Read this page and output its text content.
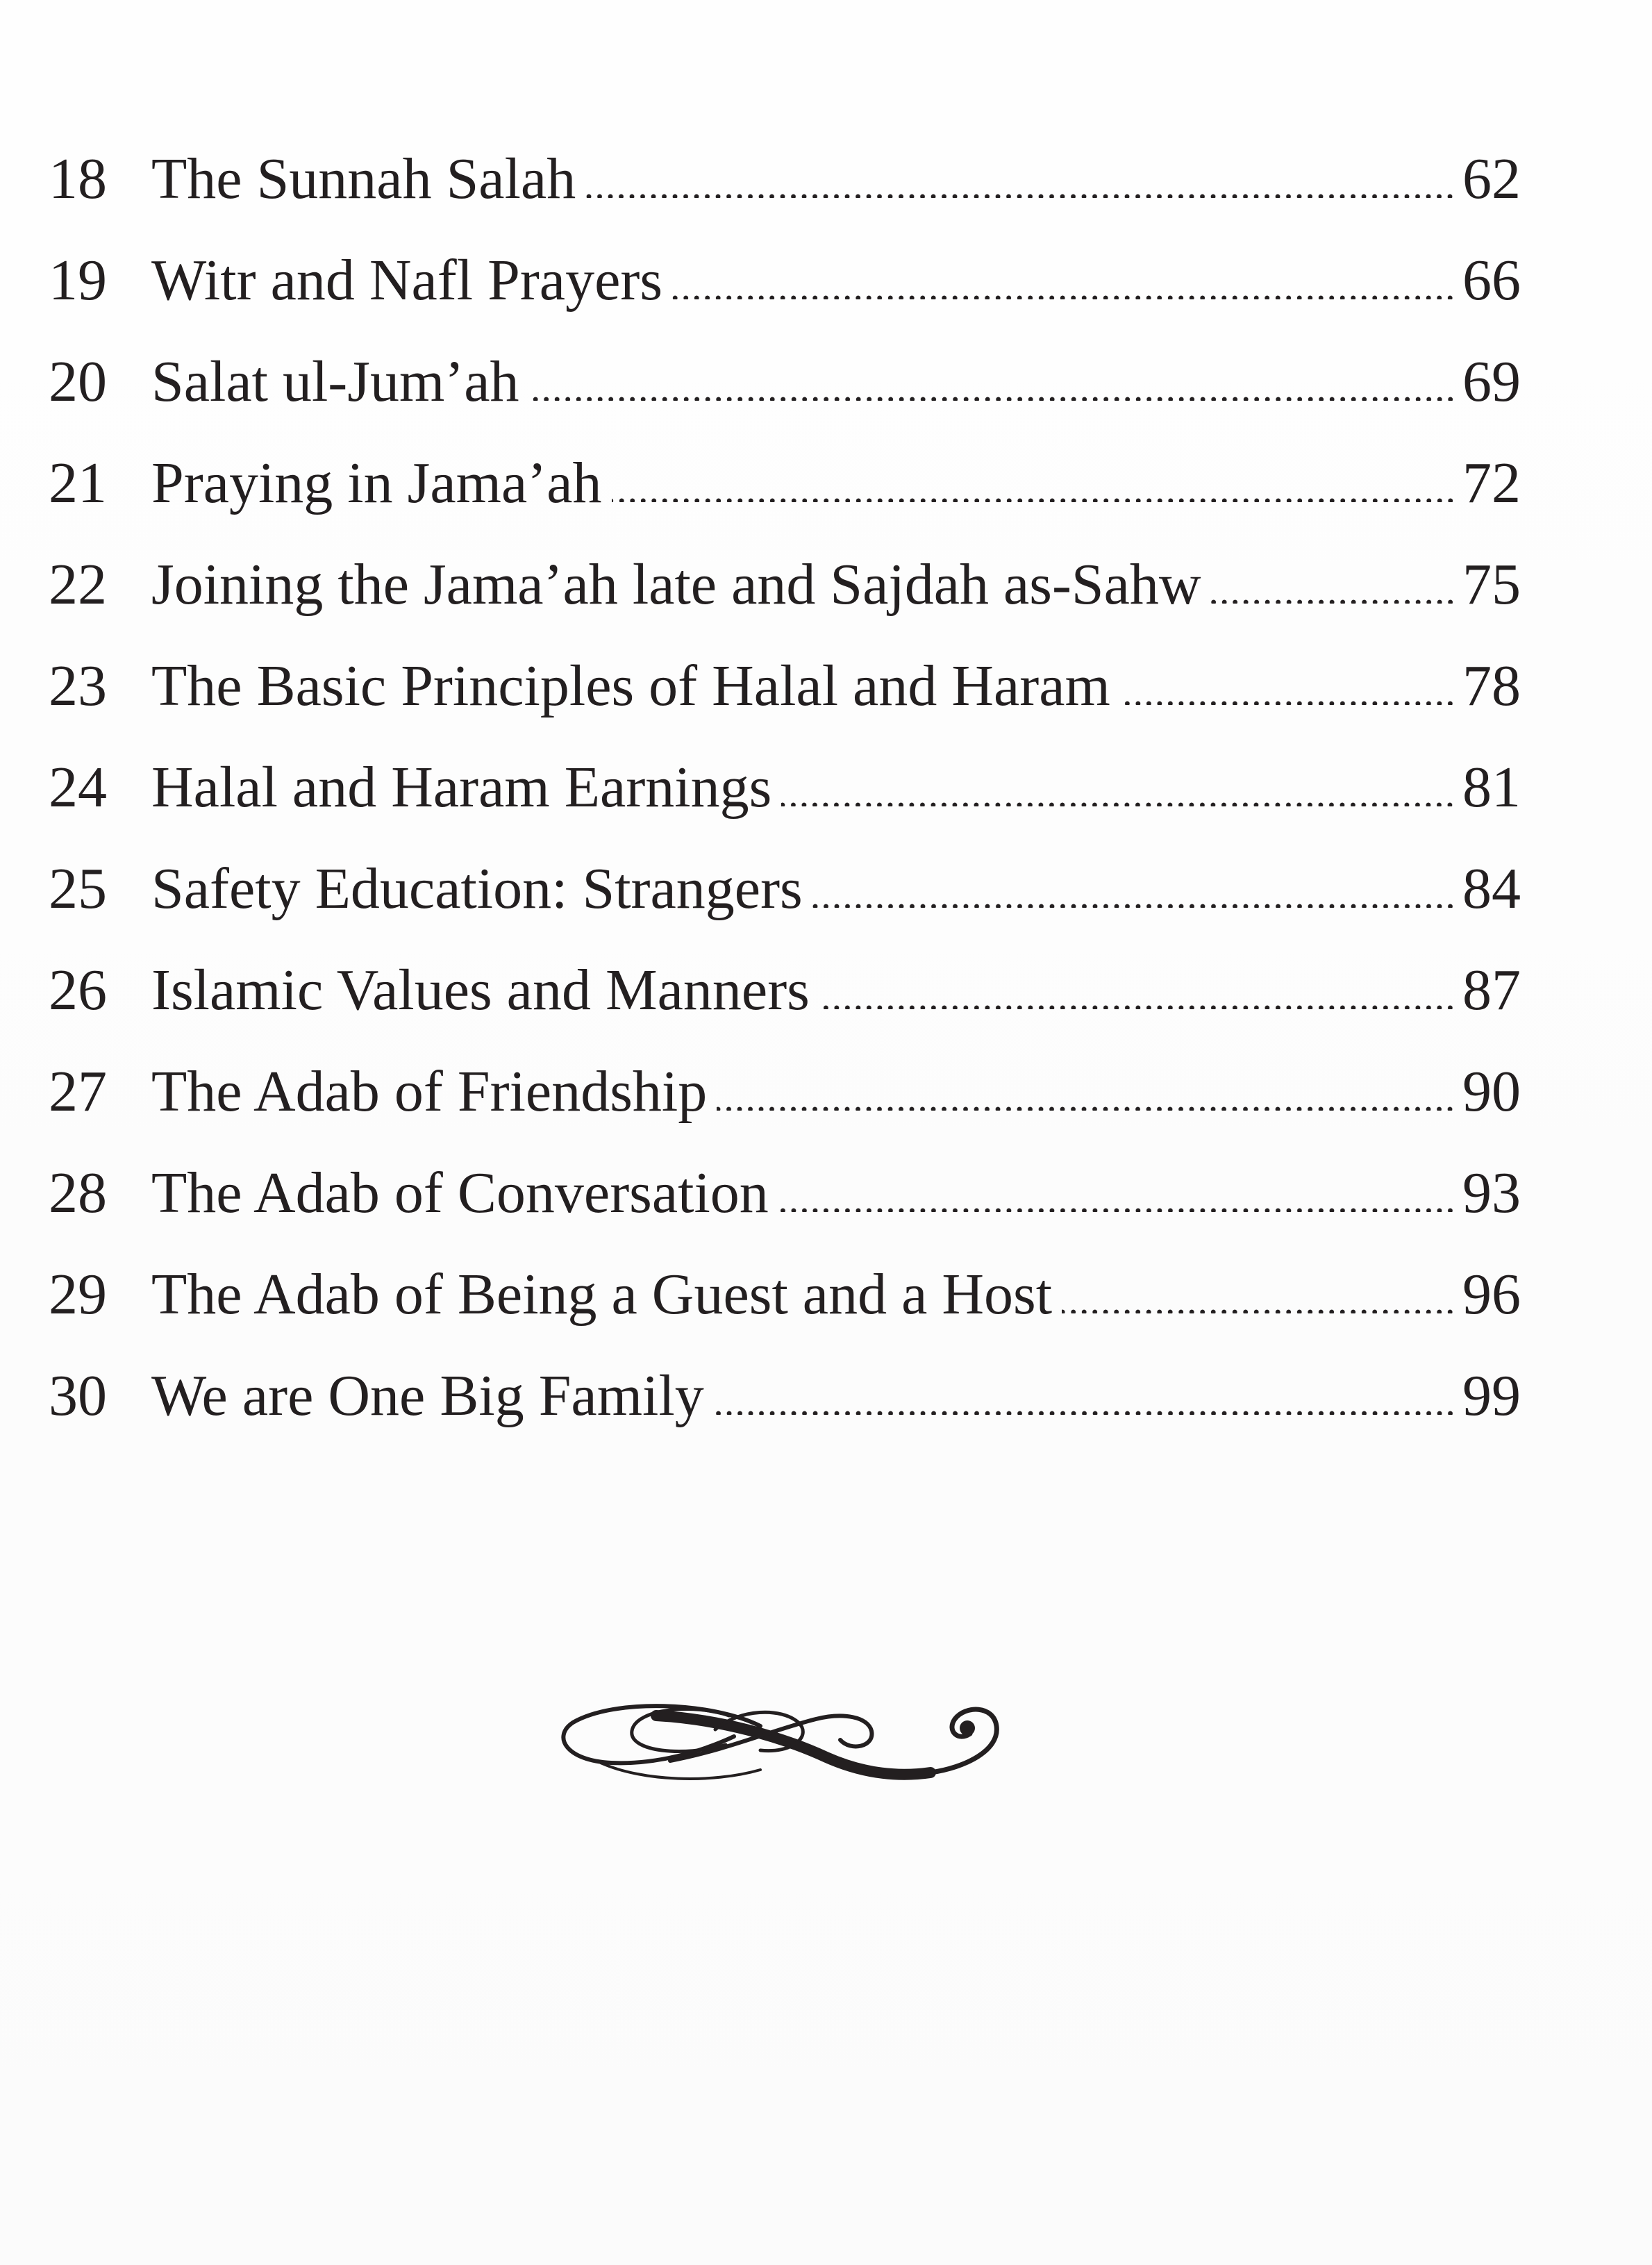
18 The Sunnah Salah	62
19 Witr and Nafl Prayers	66
20 Salat ul-Jum’ah	69
21 Praying in Jama’ah	72
22 Joining the Jama’ah late and Sajdah as-Sahw	75
23 The Basic Principles of Halal and Haram	78
24 Halal and Haram Earnings	81
25 Safety Education: Strangers	84
26 Islamic Values and Manners	87
27 The Adab of Friendship	90
28 The Adab of Conversation	93
29 The Adab of Being a Guest and a Host	96
30 We are One Big Family	99
